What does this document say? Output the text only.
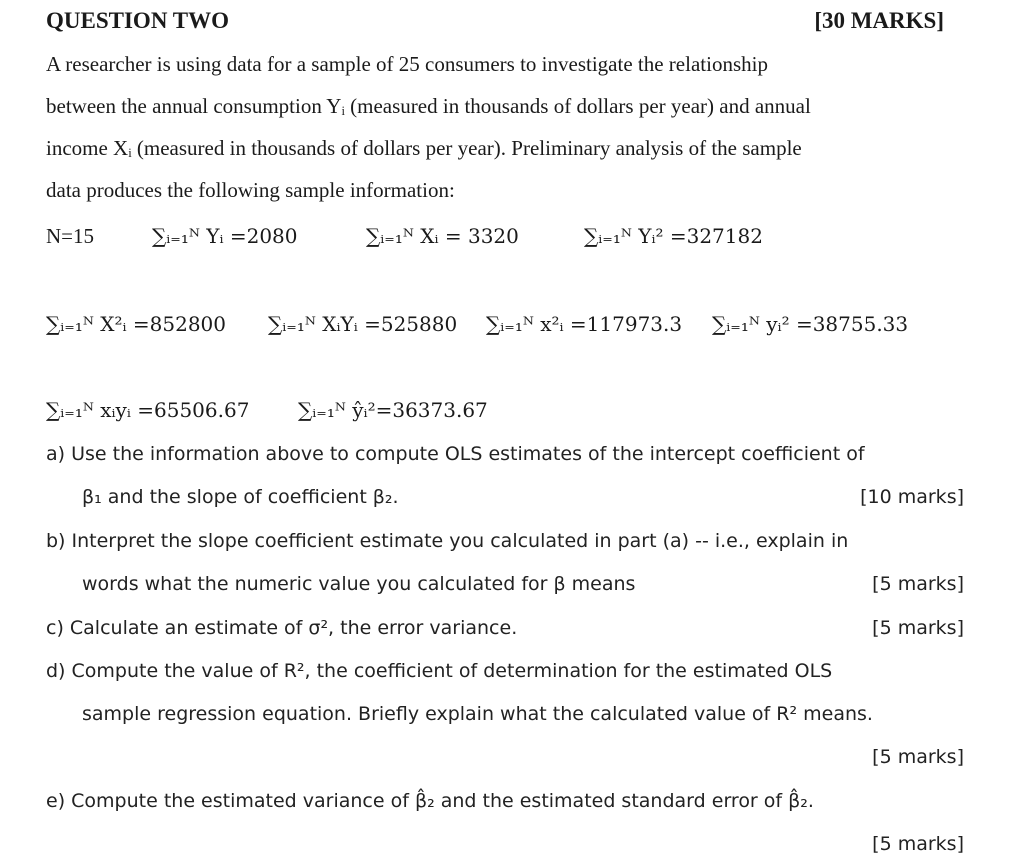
QUESTION TWO	[30 MARKS]
A researcher is using data for a sample of 25 consumers to investigate the relationship
between the annual consumption Yᵢ (measured in thousands of dollars per year) and annual
income Xᵢ (measured in thousands of dollars per year). Preliminary analysis of the sample
data produces the following sample information:
N=15	∑ᵢ₌₁ᴺ Yᵢ =2080	∑ᵢ₌₁ᴺ Xᵢ = 3320	∑ᵢ₌₁ᴺ Yᵢ² =327182
∑ᵢ₌₁ᴺ X²ᵢ =852800 ∑ᵢ₌₁ᴺ XᵢYᵢ =525880 ∑ᵢ₌₁ᴺ x²ᵢ =117973.3 ∑ᵢ₌₁ᴺ yᵢ² =38755.33
∑ᵢ₌₁ᴺ xᵢyᵢ =65506.67 ∑ᵢ₌₁ᴺ ŷᵢ²=36373.67
a) Use the information above to compute OLS estimates of the intercept coefficient of
β₁ and the slope of coefficient β₂.	[10 marks]
b) Interpret the slope coefficient estimate you calculated in part (a) -- i.e., explain in
words what the numeric value you calculated for β means	[5 marks]
c) Calculate an estimate of σ², the error variance.	[5 marks]
d) Compute the value of R², the coefficient of determination for the estimated OLS
sample regression equation. Briefly explain what the calculated value of R² means.
[5 marks]
e) Compute the estimated variance of β̂₂ and the estimated standard error of β̂₂.
[5 marks]
